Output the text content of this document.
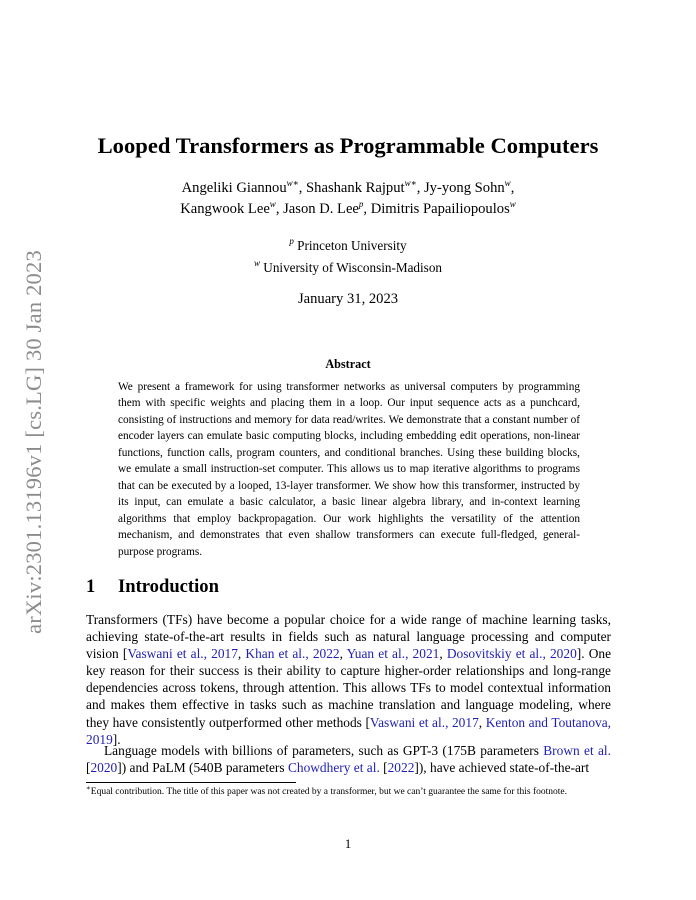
arXiv:2301.13196v1 [cs.LG] 30 Jan 2023
Looped Transformers as Programmable Computers
Angeliki Giannou$^{w∗}$, Shashank Rajput$^{w∗}$, Jy-yong Sohn$^w$,
Kangwook Lee$^w$, Jason D. Lee$^p$, Dimitris Papailiopoulos$^w$
$^p$ Princeton University
$^w$ University of Wisconsin-Madison
January 31, 2023
Abstract
We present a framework for using transformer networks as universal computers by programming them with specific weights and placing them in a loop. Our input sequence acts as a punchcard, consisting of instructions and memory for data read/writes. We demonstrate that a constant number of encoder layers can emulate basic computing blocks, including embedding edit operations, non-linear functions, function calls, program counters, and conditional branches. Using these building blocks, we emulate a small instruction-set computer. This allows us to map iterative algorithms to programs that can be executed by a looped, 13-layer transformer. We show how this transformer, instructed by its input, can emulate a basic calculator, a basic linear algebra library, and in-context learning algorithms that employ backpropagation. Our work highlights the versatility of the attention mechanism, and demonstrates that even shallow transformers can execute full-fledged, general-purpose programs.
1 Introduction
Transformers (TFs) have become a popular choice for a wide range of machine learning tasks, achieving state-of-the-art results in fields such as natural language processing and computer vision [Vaswani et al., 2017, Khan et al., 2022, Yuan et al., 2021, Dosovitskiy et al., 2020]. One key reason for their success is their ability to capture higher-order relationships and long-range dependencies across tokens, through attention. This allows TFs to model contextual information and makes them effective in tasks such as machine translation and language modeling, where they have consistently outperformed other methods [Vaswani et al., 2017, Kenton and Toutanova, 2019].
Language models with billions of parameters, such as GPT-3 (175B parameters Brown et al. [2020]) and PaLM (540B parameters Chowdhery et al. [2022]), have achieved state-of-the-art
∗Equal contribution. The title of this paper was not created by a transformer, but we can’t guarantee the same for this footnote.
1
